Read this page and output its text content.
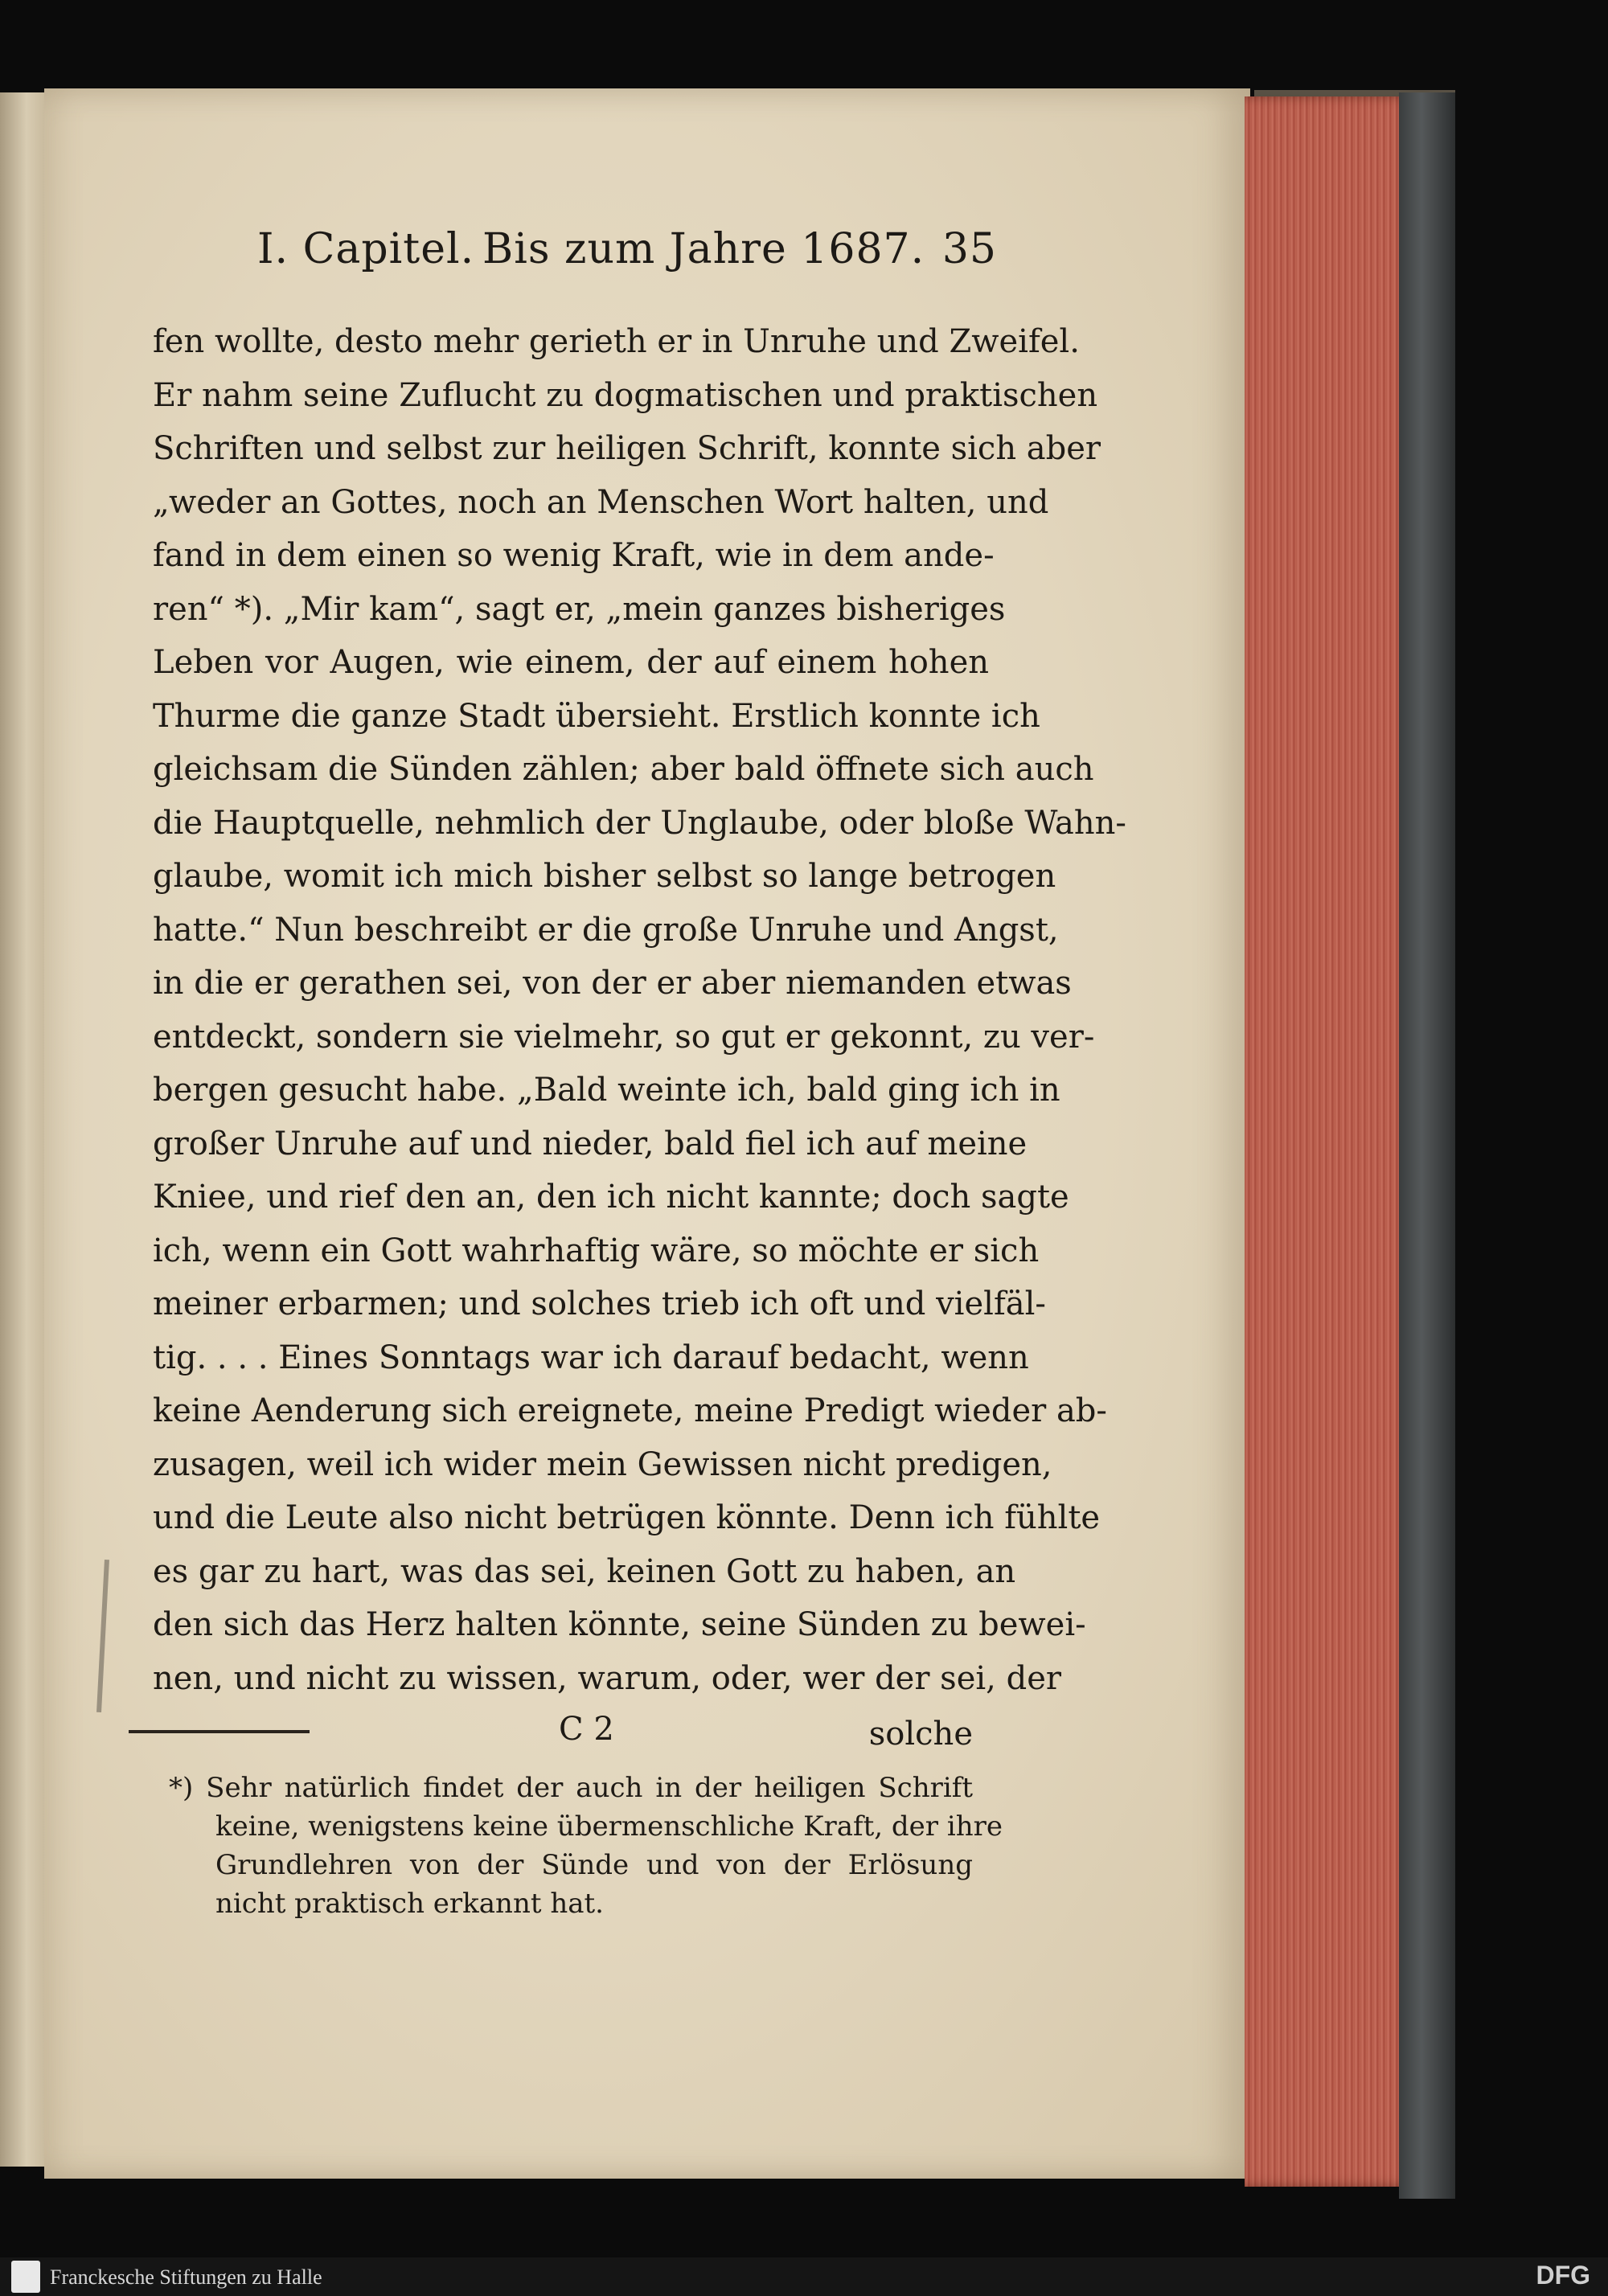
I. Capitel. Bis zum Jahre 1687. 35
fen wollte, desto mehr gerieth er in Unruhe und Zweifel.
Er nahm seine Zuflucht zu dogmatischen und praktischen
Schriften und selbst zur heiligen Schrift, konnte sich aber
„weder an Gottes, noch an Menschen Wort halten, und
fand in dem einen so wenig Kraft, wie in dem ande-
ren“ *). „Mir kam“, sagt er, „mein ganzes bisheriges
Leben vor Augen, wie einem, der auf einem hohen
Thurme die ganze Stadt übersieht. Erstlich konnte ich
gleichsam die Sünden zählen; aber bald öffnete sich auch
die Hauptquelle, nehmlich der Unglaube, oder bloße Wahn-
glaube, womit ich mich bisher selbst so lange betrogen
hatte.“ Nun beschreibt er die große Unruhe und Angst,
in die er gerathen sei, von der er aber niemanden etwas
entdeckt, sondern sie vielmehr, so gut er gekonnt, zu ver-
bergen gesucht habe. „Bald weinte ich, bald ging ich in
großer Unruhe auf und nieder, bald fiel ich auf meine
Kniee, und rief den an, den ich nicht kannte; doch sagte
ich, wenn ein Gott wahrhaftig wäre, so möchte er sich
meiner erbarmen; und solches trieb ich oft und vielfäl-
tig. . . . Eines Sonntags war ich darauf bedacht, wenn
keine Aenderung sich ereignete, meine Predigt wieder ab-
zusagen, weil ich wider mein Gewissen nicht predigen,
und die Leute also nicht betrügen könnte. Denn ich fühlte
es gar zu hart, was das sei, keinen Gott zu haben, an
den sich das Herz halten könnte, seine Sünden zu bewei-
nen, und nicht zu wissen, warum, oder, wer der sei, der
C 2	solche
*) Sehr natürlich findet der auch in der heiligen Schrift
keine, wenigstens keine übermenschliche Kraft, der ihre
Grundlehren von der Sünde und von der Erlösung
nicht praktisch erkannt hat.
Franckesche Stiftungen zu Halle	DFG
